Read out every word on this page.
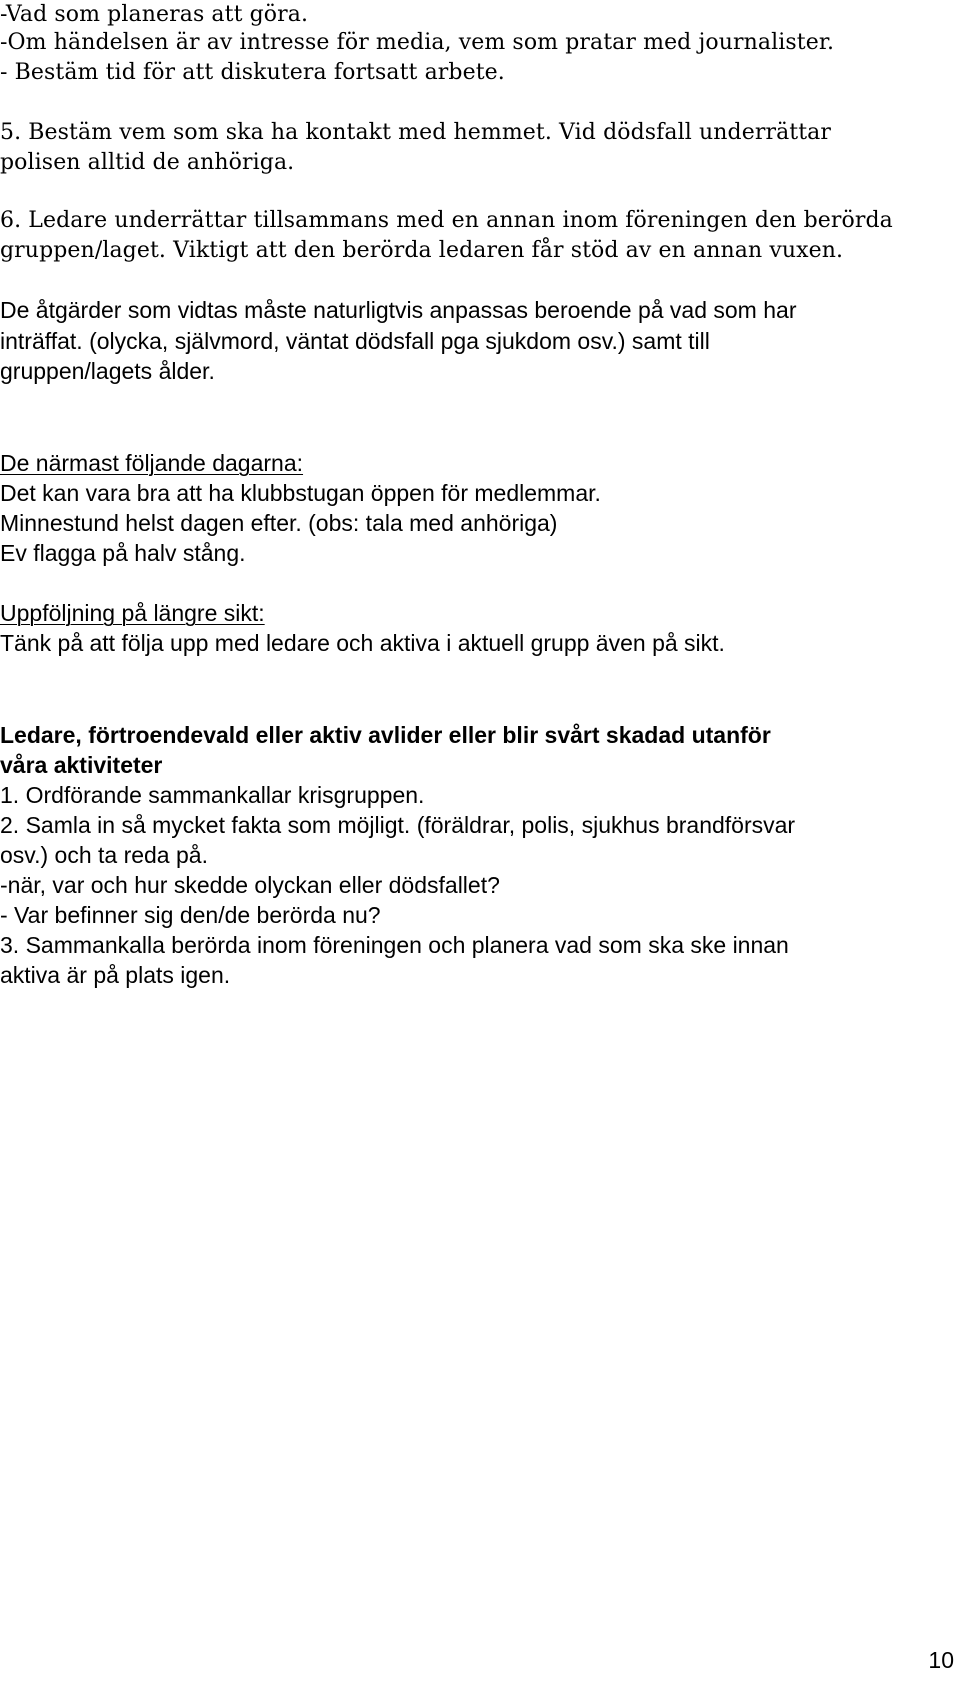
-Vad som planeras att göra.
-Om händelsen är av intresse för media, vem som pratar med journalister.
- Bestäm tid för att diskutera fortsatt arbete.
5. Bestäm vem som ska ha kontakt med hemmet. Vid dödsfall underrättar
polisen alltid de anhöriga.
6. Ledare underrättar tillsammans med en annan inom föreningen den berörda
gruppen/laget. Viktigt att den berörda ledaren får stöd av en annan vuxen.
De åtgärder som vidtas måste naturligtvis anpassas beroende på vad som har
inträffat. (olycka, självmord, väntat dödsfall pga sjukdom osv.) samt till
gruppen/lagets ålder.
De närmast följande dagarna:
Det kan vara bra att ha klubbstugan öppen för medlemmar.
Minnestund helst dagen efter. (obs: tala med anhöriga)
Ev flagga på halv stång.
Uppföljning på längre sikt:
Tänk på att följa upp med ledare och aktiva i aktuell grupp även på sikt.
Ledare, förtroendevald eller aktiv avlider eller blir svårt skadad utanför
våra aktiviteter
1. Ordförande sammankallar krisgruppen.
2. Samla in så mycket fakta som möjligt. (föräldrar, polis, sjukhus brandförsvar
osv.) och ta reda på.
-när, var och hur skedde olyckan eller dödsfallet?
- Var befinner sig den/de berörda nu?
3. Sammankalla berörda inom föreningen och planera vad som ska ske innan
aktiva är på plats igen.
10
